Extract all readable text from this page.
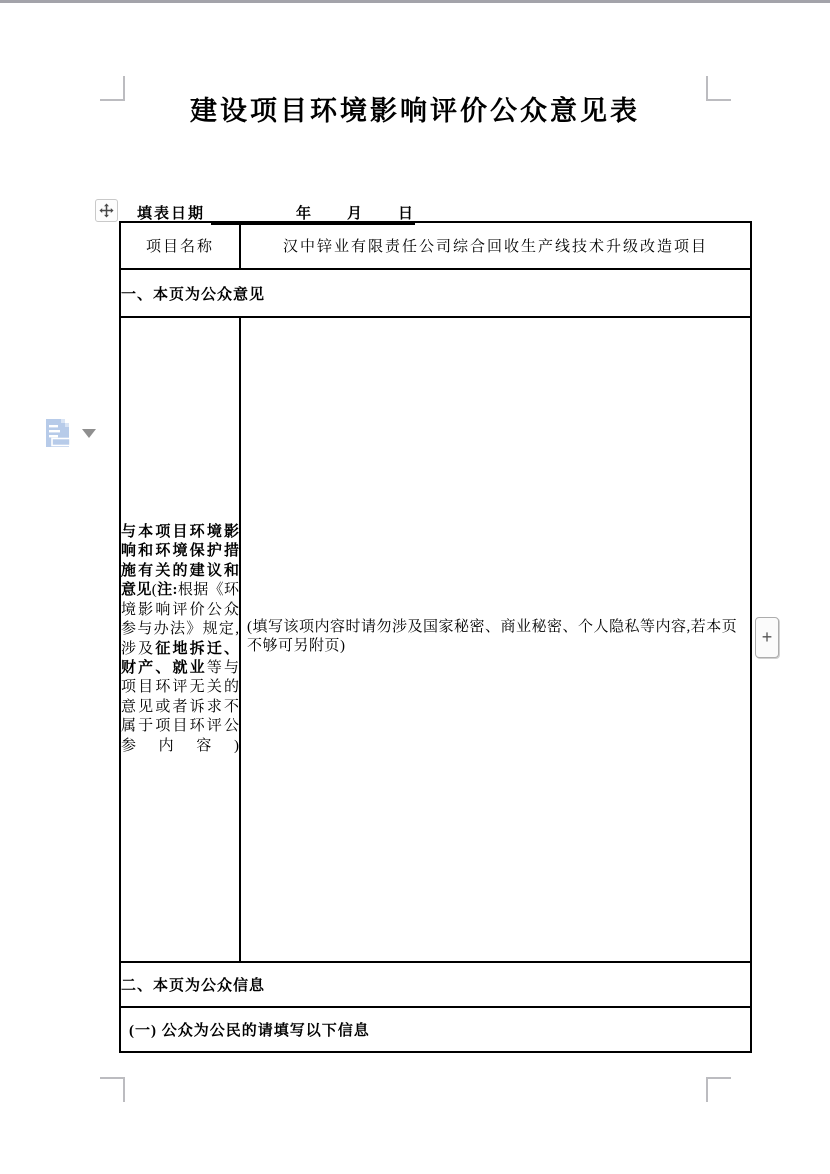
建设项目环境影响评价公众意见表

填表日期　　　　　年　　月　　日

+
项目名称	汉中锌业有限责任公司综合回收生产线技术升级改造项目
一、本页为公众意见	
与本项目环境影响和环境保护措施有关的建议和意见(注:根据《环境影响评价公众参与办法》规定,涉及征地拆迁、财产、就业等与项目环评无关的意见或者诉求不属于项目环评公参内容)	(填写该项内容时请勿涉及国家秘密、商业秘密、个人隐私等内容,若本页不够可另附页)

二、本页为公众信息	
(一) 公众为公民的请填写以下信息	
